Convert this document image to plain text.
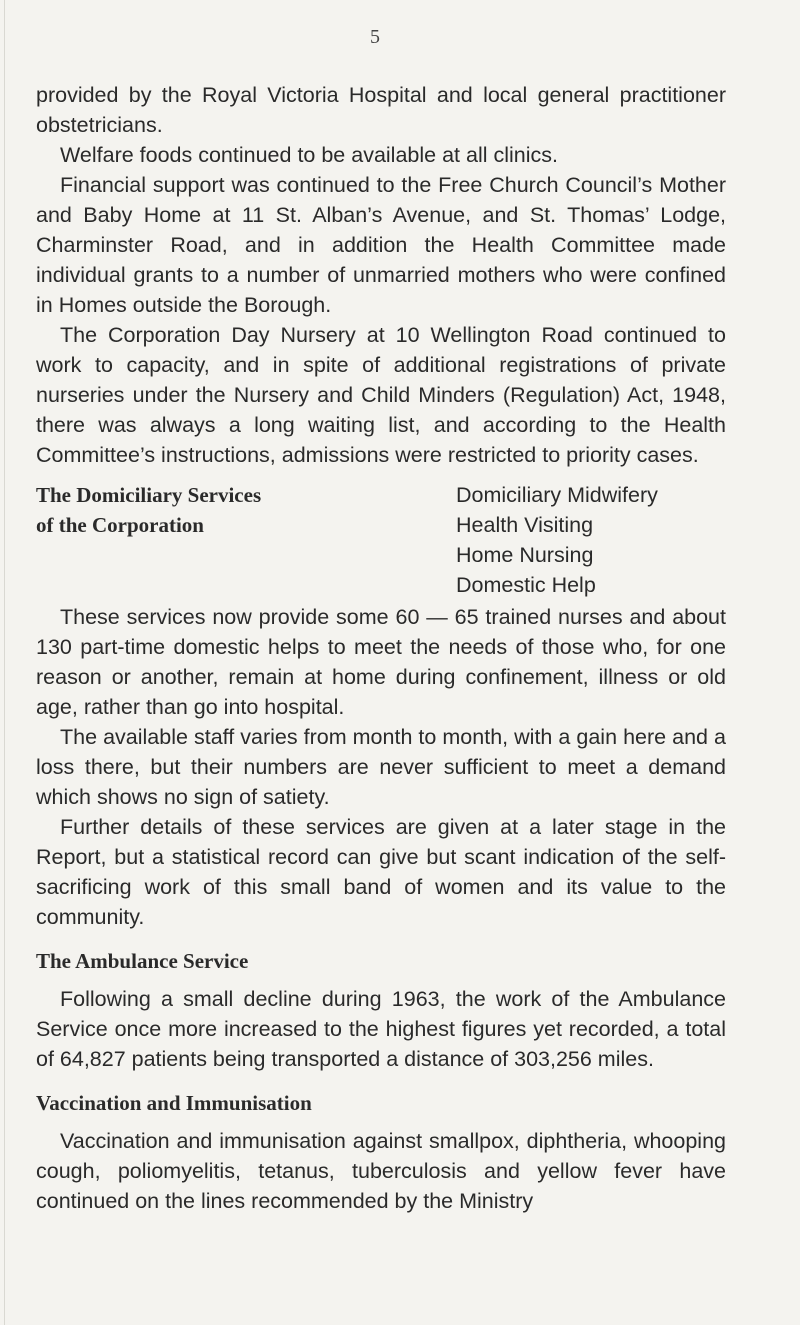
5

provided by the Royal Victoria Hospital and local general practitioner obstetricians.

Welfare foods continued to be available at all clinics.

Financial support was continued to the Free Church Council’s Mother and Baby Home at 11 St. Alban’s Avenue, and St. Thomas’ Lodge, Charminster Road, and in addition the Health Committee made individual grants to a number of unmarried mothers who were confined in Homes outside the Borough.

The Corporation Day Nursery at 10 Wellington Road continued to work to capacity, and in spite of additional registrations of private nurseries under the Nursery and Child Minders (Regulation) Act, 1948, there was always a long waiting list, and according to the Health Committee’s instructions, admissions were restricted to priority cases.

The Domiciliary Services
of the Corporation
Domiciliary Midwifery
Health Visiting
Home Nursing
Domestic Help

These services now provide some 60 — 65 trained nurses and about 130 part-time domestic helps to meet the needs of those who, for one reason or another, remain at home during confinement, illness or old age, rather than go into hospital.

The available staff varies from month to month, with a gain here and a loss there, but their numbers are never sufficient to meet a demand which shows no sign of satiety.

Further details of these services are given at a later stage in the Report, but a statistical record can give but scant indication of the self-sacrificing work of this small band of women and its value to the community.

The Ambulance Service

Following a small decline during 1963, the work of the Ambulance Service once more increased to the highest figures yet recorded, a total of 64,827 patients being transported a distance of 303,256 miles.

Vaccination and Immunisation

Vaccination and immunisation against smallpox, diphtheria, whooping cough, poliomyelitis, tetanus, tuberculosis and yellow fever have continued on the lines recommended by the Ministry
